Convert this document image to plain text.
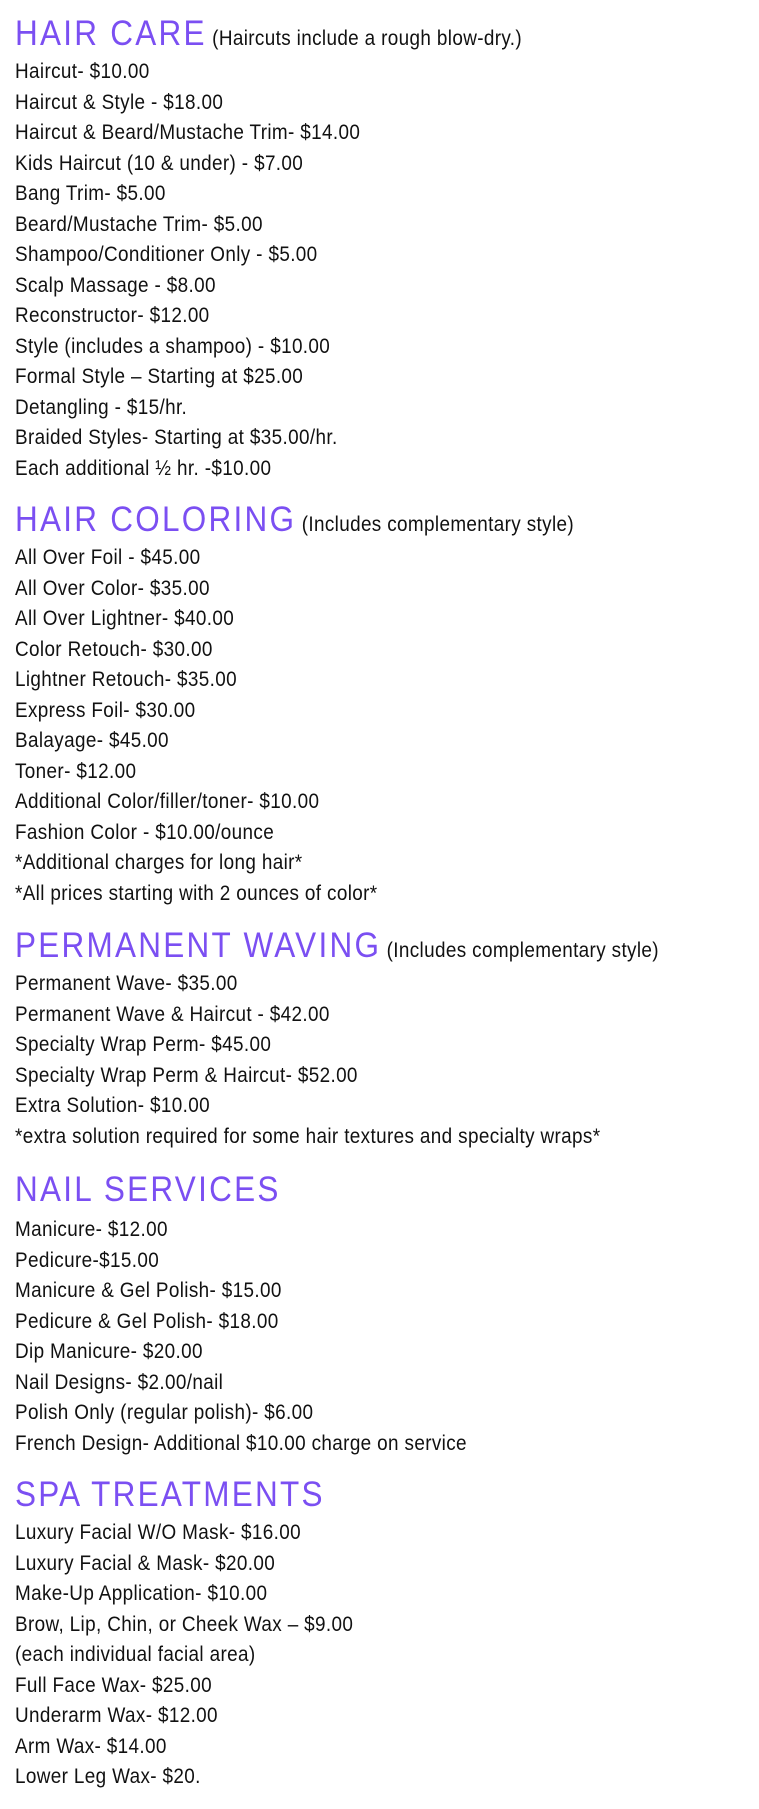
HAIR CARE (Haircuts include a rough blow-dry.)
Haircut- $10.00
Haircut & Style - $18.00
Haircut & Beard/Mustache Trim- $14.00
Kids Haircut (10 & under) - $7.00
Bang Trim- $5.00
Beard/Mustache Trim- $5.00
Shampoo/Conditioner Only - $5.00
Scalp Massage - $8.00
Reconstructor- $12.00
Style (includes a shampoo) - $10.00
Formal Style – Starting at $25.00
Detangling - $15/hr.
Braided Styles- Starting at $35.00/hr.
Each additional ½ hr. -$10.00
HAIR COLORING (Includes complementary style)
All Over Foil - $45.00
All Over Color- $35.00
All Over Lightner- $40.00
Color Retouch- $30.00
Lightner Retouch- $35.00
Express Foil- $30.00
Balayage- $45.00
Toner- $12.00
Additional Color/filler/toner- $10.00
Fashion Color - $10.00/ounce
*Additional charges for long hair*
*All prices starting with 2 ounces of color*
PERMANENT WAVING (Includes complementary style)
Permanent Wave- $35.00
Permanent Wave & Haircut - $42.00
Specialty Wrap Perm- $45.00
Specialty Wrap Perm & Haircut- $52.00
Extra Solution- $10.00
*extra solution required for some hair textures and specialty wraps*
NAIL SERVICES
Manicure- $12.00
Pedicure-$15.00
Manicure & Gel Polish- $15.00
Pedicure & Gel Polish- $18.00
Dip Manicure- $20.00
Nail Designs- $2.00/nail
Polish Only (regular polish)- $6.00
French Design- Additional $10.00 charge on service
SPA TREATMENTS
Luxury Facial W/O Mask- $16.00
Luxury Facial & Mask- $20.00
Make-Up Application- $10.00
Brow, Lip, Chin, or Cheek Wax – $9.00
(each individual facial area)
Full Face Wax- $25.00
Underarm Wax- $12.00
Arm Wax- $14.00
Lower Leg Wax- $20.
